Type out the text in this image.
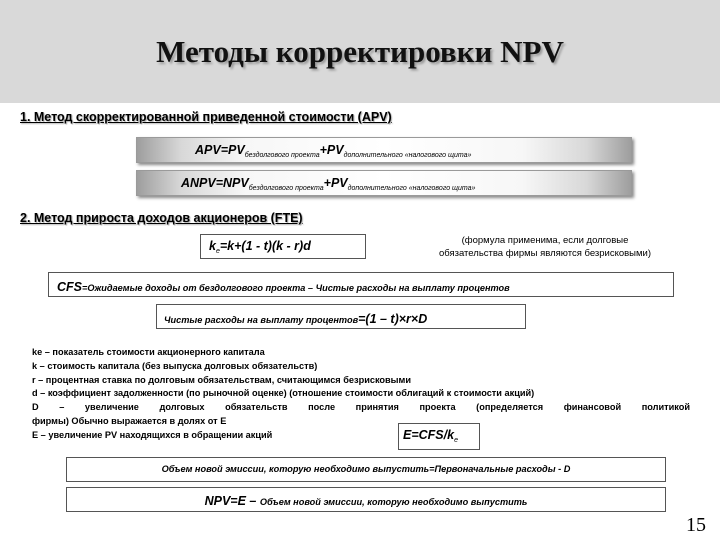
Методы корректировки NPV
1. Метод скорректированной приведенной стоимости (APV)
$APV=PV_{бездолгового проекта}+PV_{дополнительного «налогового щита»}$
$ANPV=NPV_{бездолгового проекта}+PV_{дополнительного «налогового щита»}$
2. Метод прироста доходов акционеров (FTE)
$k_е=k+(1 - t)(k - r)d$	(формула применима, если долговые
обязательства фирмы являются безрисковыми)
CFS=Ожидаемые доходы от бездолгового проекта – Чистые расходы на выплату процентов
Чистые расходы на выплату процентов=(1 – t)×r×D
ke – показатель стоимости акционерного капитала
k – стоимость капитала (без выпуска долговых обязательств)
r – процентная ставка по долговым обязательствам, считающимся безрисковыми
d – коэффициент задолженности (по рыночной оценке) (отношение стоимости облигаций к стоимости акций)
D – увеличение долговых обязательств после принятия проекта (определяется финансовой политикой
фирмы) Обычно выражается в долях от E
E – увеличение PV находящихся в обращении акций	$E=CFS/k_e$
Объем новой эмиссии, которую необходимо выпустить=Первоначальные расходы - D
NPV=E – Объем новой эмиссии, которую необходимо выпустить
15
